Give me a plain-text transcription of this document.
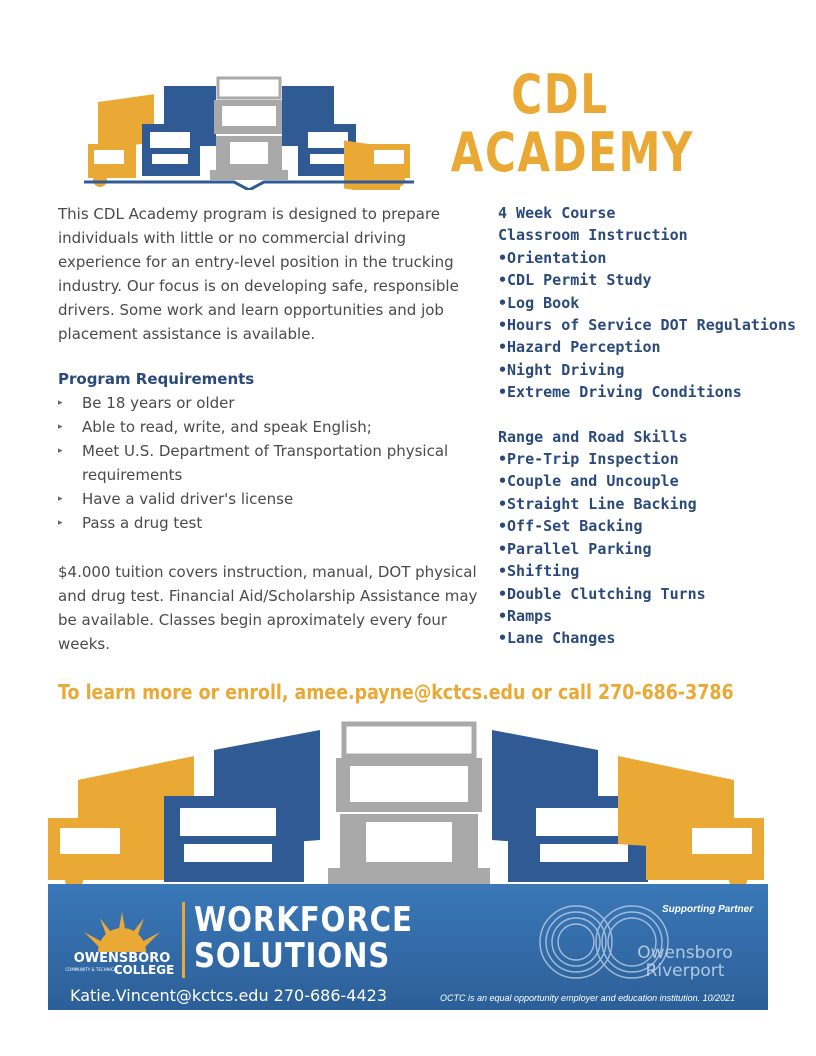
CDL
ACADEMY
This CDL Academy program is designed to prepare individuals with little or no commercial driving experience for an entry-level position in the trucking industry. Our focus is on developing safe, responsible drivers. Some work and learn opportunities and job placement assistance is available.
Program Requirements
▸ Be 18 years or older
▸ Able to read, write, and speak English;
▸ Meet U.S. Department of Transportation physical requirements
▸ Have a valid driver's license
▸ Pass a drug test
$4.000 tuition covers instruction, manual, DOT physical and drug test. Financial Aid/Scholarship Assistance may be available. Classes begin aproximately every four weeks.
4 Week Course
Classroom Instruction
•Orientation
•CDL Permit Study
•Log Book
•Hours of Service DOT Regulations
•Hazard Perception
•Night Driving
•Extreme Driving Conditions
Range and Road Skills
•Pre-Trip Inspection
•Couple and Uncouple
•Straight Line Backing
•Off-Set Backing
•Parallel Parking
•Shifting
•Double Clutching Turns
•Ramps
•Lane Changes
To learn more or enroll, amee.payne@kctcs.edu or call 270-686-3786
OWENSBORO
COMMUNITY & TECHNICAL
COLLEGE
WORKFORCE
SOLUTIONS
Katie.Vincent@kctcs.edu 270-686-4423
Supporting Partner
Owensboro
Riverport
OCTC is an equal opportunity employer and education institution. 10/2021
